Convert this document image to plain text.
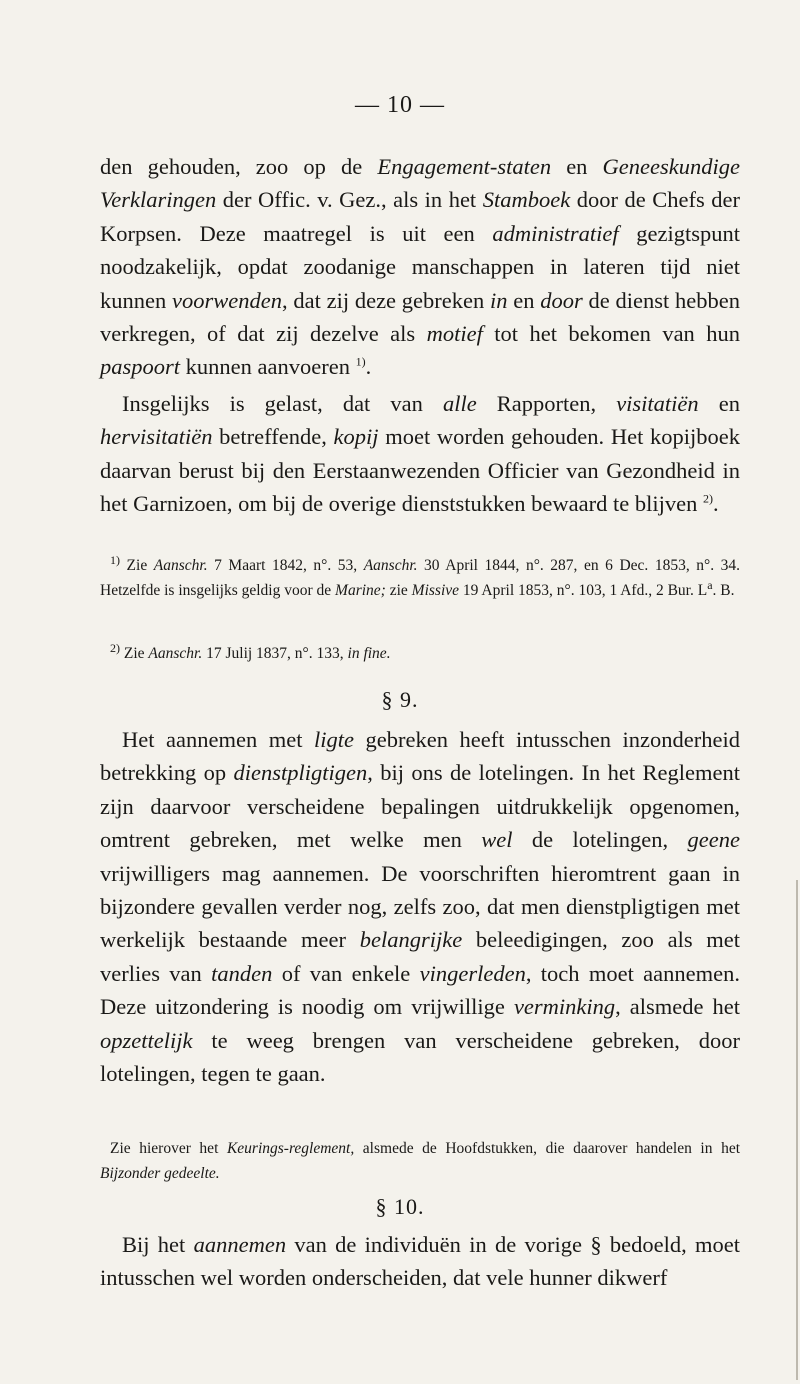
— 10 —

den gehouden, zoo op de Engagement-staten en Geneeskundige Verklaringen der Offic. v. Gez., als in het Stamboek door de Chefs der Korpsen. Deze maatregel is uit een administratief gezigtspunt noodzakelijk, opdat zoodanige manschappen in lateren tijd niet kunnen voorwenden, dat zij deze gebreken in en door de dienst hebben verkregen, of dat zij dezelve als motief tot het bekomen van hun paspoort kunnen aanvoeren $^{1)}$.

Insgelijks is gelast, dat van alle Rapporten, visitatiën en hervisitatiën betreffende, kopij moet worden gehouden. Het kopijboek daarvan berust bij den Eerstaanwezenden Officier van Gezondheid in het Garnizoen, om bij de overige dienststukken bewaard te blijven $^{2)}$.

$^{1)}$ Zie Aanschr. 7 Maart 1842, n°. 53, Aanschr. 30 April 1844, n°. 287, en 6 Dec. 1853, n°. 34. Hetzelfde is insgelijks geldig voor de Marine; zie Missive 19 April 1853, n°. 103, 1 Afd., 2 Bur. $L^a$. B.

$^{2)}$ Zie Aanschr. 17 Julij 1837, n°. 133, in fine.

§ 9.

Het aannemen met ligte gebreken heeft intusschen inzonderheid betrekking op dienstpligtigen, bij ons de lotelingen. In het Reglement zijn daarvoor verscheidene bepalingen uitdrukkelijk opgenomen, omtrent gebreken, met welke men wel de lotelingen, geene vrijwilligers mag aannemen. De voorschriften hieromtrent gaan in bijzondere gevallen verder nog, zelfs zoo, dat men dienstpligtigen met werkelijk bestaande meer belangrijke beleedigingen, zoo als met verlies van tanden of van enkele vingerleden, toch moet aannemen. Deze uitzondering is noodig om vrijwillige verminking, alsmede het opzettelijk te weeg brengen van verscheidene gebreken, door lotelingen, tegen te gaan.

Zie hierover het Keurings-reglement, alsmede de Hoofdstukken, die daarover handelen in het Bijzonder gedeelte.

§ 10.

Bij het aannemen van de individuën in de vorige § bedoeld, moet intusschen wel worden onderscheiden, dat vele hunner dikwerf
